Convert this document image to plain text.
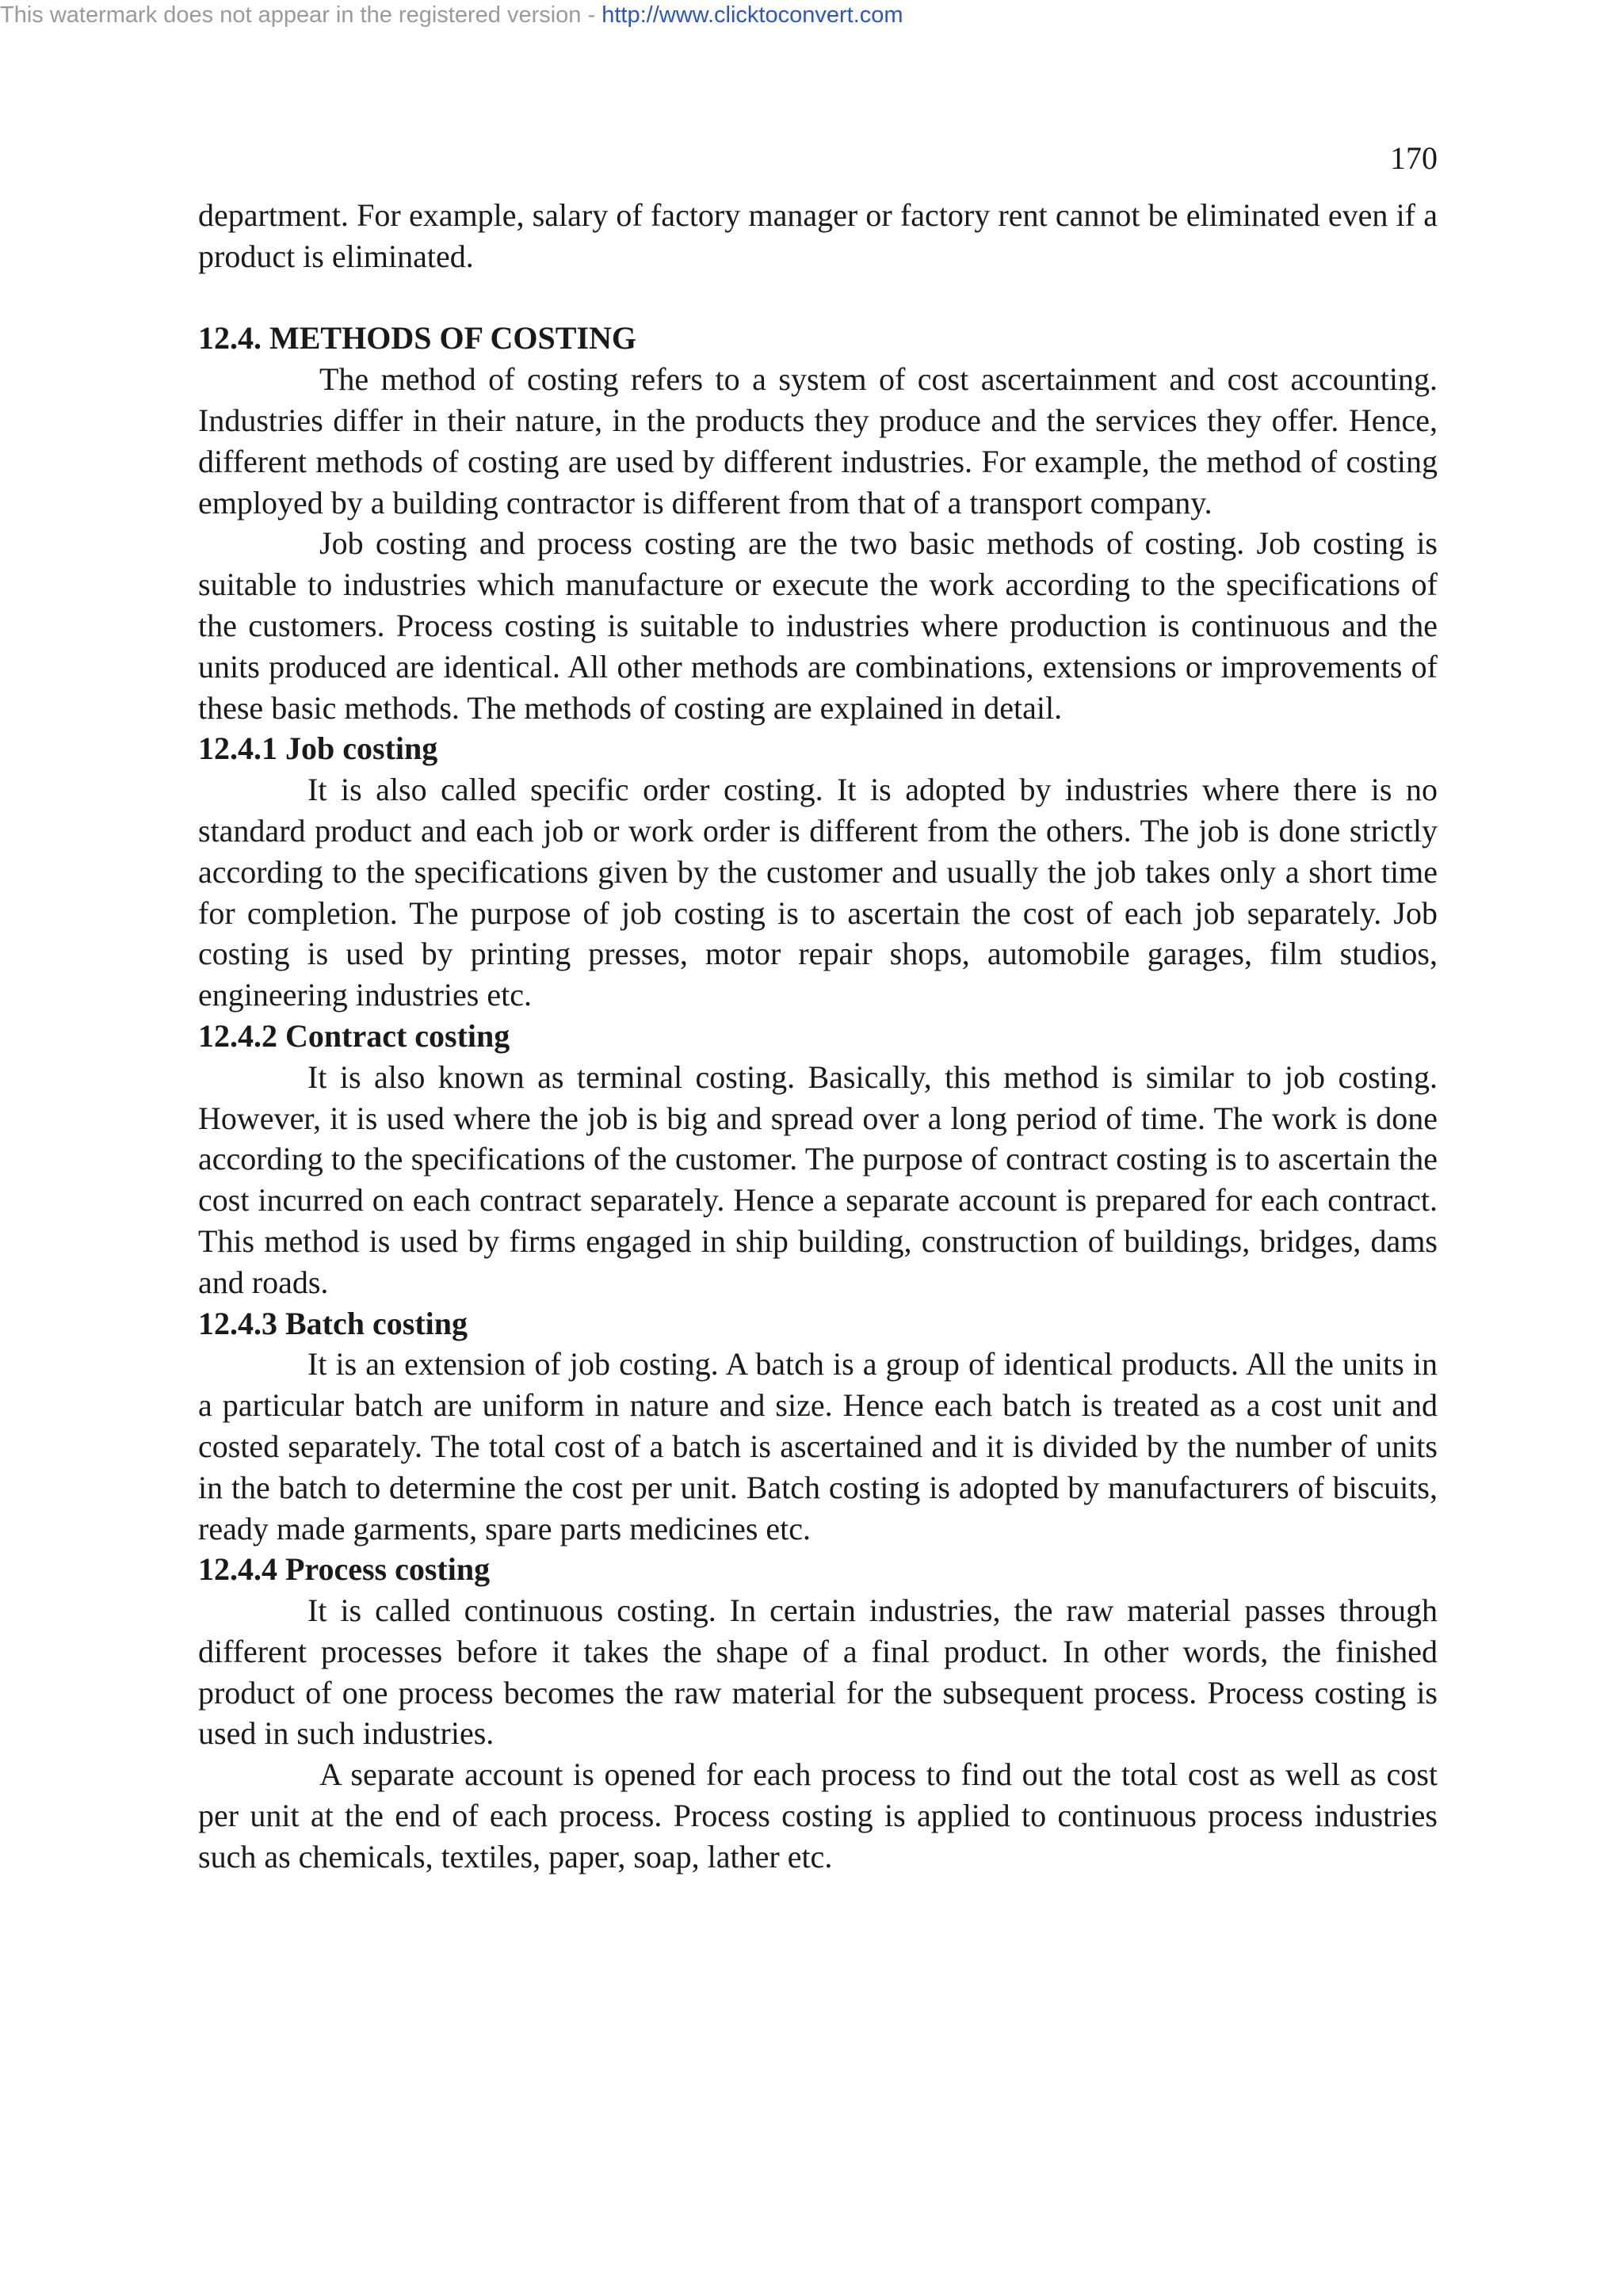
This watermark does not appear in the registered version - http://www.clicktoconvert.com
170

department. For example, salary of factory manager or factory rent cannot be eliminated even if a product is eliminated.

12.4. METHODS OF COSTING

The method of costing refers to a system of cost ascertainment and cost accounting. Industries differ in their nature, in the products they produce and the services they offer. Hence, different methods of costing are used by different industries. For example, the method of costing employed by a building contractor is different from that of a transport company.

Job costing and process costing are the two basic methods of costing. Job costing is suitable to industries which manufacture or execute the work according to the specifications of the customers. Process costing is suitable to industries where production is continuous and the units produced are identical. All other methods are combinations, extensions or improvements of these basic methods. The methods of costing are explained in detail.

12.4.1 Job costing

It is also called specific order costing. It is adopted by industries where there is no standard product and each job or work order is different from the others. The job is done strictly according to the specifications given by the customer and usually the job takes only a short time for completion. The purpose of job costing is to ascertain the cost of each job separately. Job costing is used by printing presses, motor repair shops, automobile garages, film studios, engineering industries etc.

12.4.2 Contract costing

It is also known as terminal costing. Basically, this method is similar to job costing. However, it is used where the job is big and spread over a long period of time. The work is done according to the specifications of the customer. The purpose of contract costing is to ascertain the cost incurred on each contract separately. Hence a separate account is prepared for each contract. This method is used by firms engaged in ship building, construction of buildings, bridges, dams and roads.

12.4.3 Batch costing

It is an extension of job costing. A batch is a group of identical products. All the units in a particular batch are uniform in nature and size. Hence each batch is treated as a cost unit and costed separately. The total cost of a batch is ascertained and it is divided by the number of units in the batch to determine the cost per unit. Batch costing is adopted by manufacturers of biscuits, ready made garments, spare parts medicines etc.

12.4.4 Process costing

It is called continuous costing. In certain industries, the raw material passes through different processes before it takes the shape of a final product. In other words, the finished product of one process becomes the raw material for the subsequent process. Process costing is used in such industries.

A separate account is opened for each process to find out the total cost as well as cost per unit at the end of each process. Process costing is applied to continuous process industries such as chemicals, textiles, paper, soap, lather etc.
